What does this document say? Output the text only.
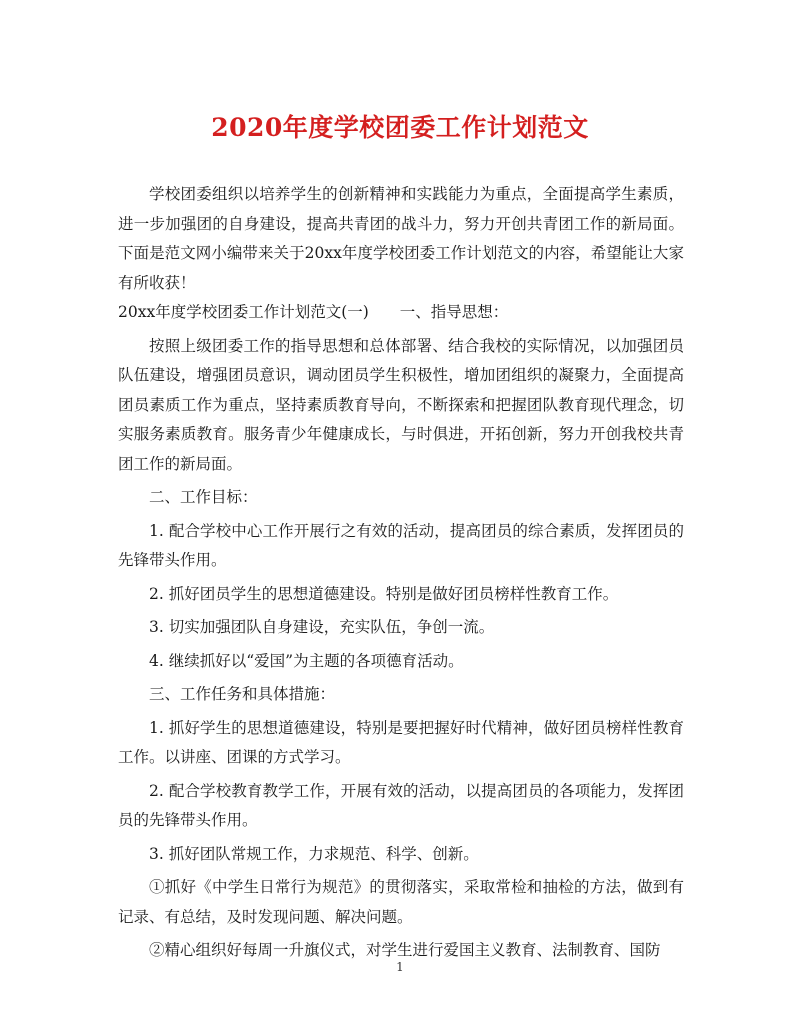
2020年度学校团委工作计划范文

学校团委组织以培养学生的创新精神和实践能力为重点，全面提高学生素质，进一步加强团的自身建设，提高共青团的战斗力，努力开创共青团工作的新局面。下面是范文网小编带来关于20xx年度学校团委工作计划范文的内容，希望能让大家有所收获！

20xx年度学校团委工作计划范文(一)　　一、指导思想：

按照上级团委工作的指导思想和总体部署、结合我校的实际情况，以加强团员队伍建设，增强团员意识，调动团员学生积极性，增加团组织的凝聚力，全面提高团员素质工作为重点，坚持素质教育导向，不断探索和把握团队教育现代理念，切实服务素质教育。服务青少年健康成长，与时俱进，开拓创新，努力开创我校共青团工作的新局面。

二、工作目标：

1. 配合学校中心工作开展行之有效的活动，提高团员的综合素质，发挥团员的先锋带头作用。

2. 抓好团员学生的思想道德建设。特别是做好团员榜样性教育工作。

3. 切实加强团队自身建设，充实队伍，争创一流。

4. 继续抓好以“爱国”为主题的各项德育活动。

三、工作任务和具体措施：

1. 抓好学生的思想道德建设，特别是要把握好时代精神，做好团员榜样性教育工作。以讲座、团课的方式学习。

2. 配合学校教育教学工作，开展有效的活动，以提高团员的各项能力，发挥团员的先锋带头作用。

3. 抓好团队常规工作，力求规范、科学、创新。

①抓好《中学生日常行为规范》的贯彻落实，采取常检和抽检的方法，做到有记录、有总结，及时发现问题、解决问题。

②精心组织好每周一升旗仪式，对学生进行爱国主义教育、法制教育、国防

1
